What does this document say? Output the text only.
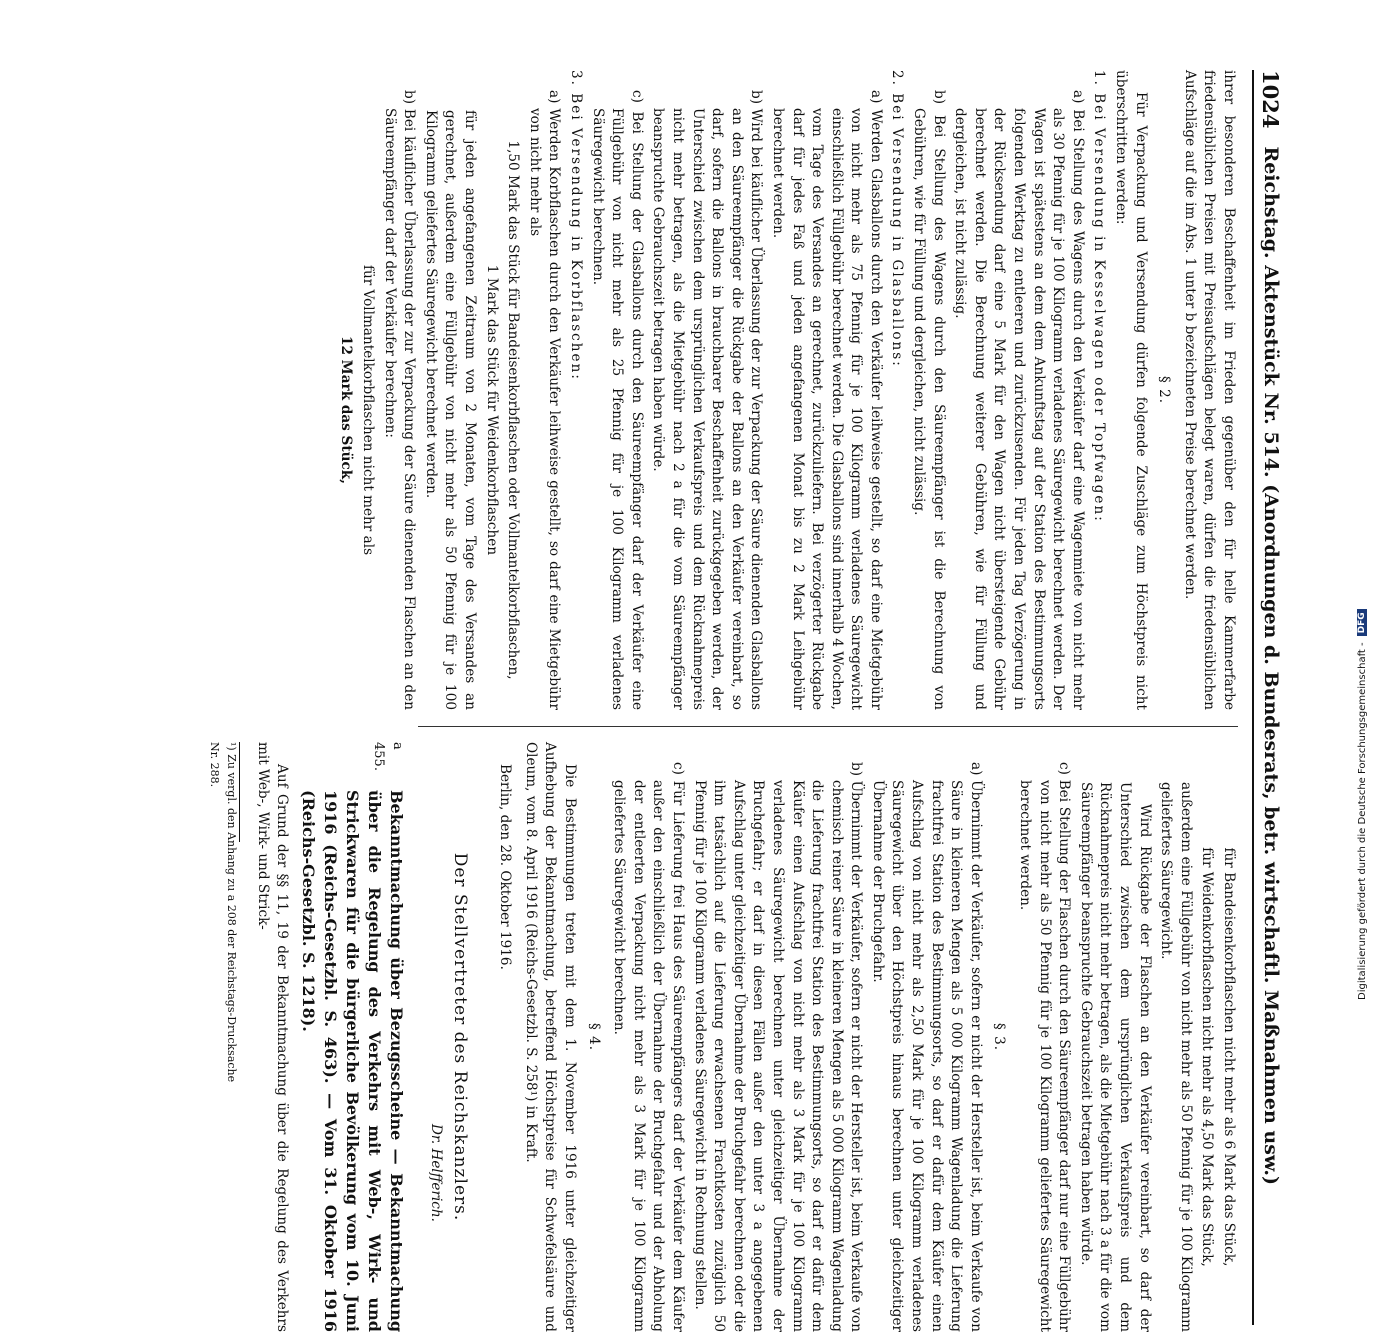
1024
Reichstag. Aktenstück Nr. 514. (Anordnungen d. Bundesrats, betr. wirtschaftl. Maßnahmen usw.)

ihrer besonderen Beschaffenheit im Frieden gegenüber den für helle Kammerfarbe friedensüblichen Preisen mit Preisaufschlägen belegt waren, dürfen die friedensüblichen Aufschläge auf die im Abs. 1 unter b bezeichneten Preise berechnet werden.

§ 2.

Für Verpackung und Versendung dürfen folgende Zuschläge zum Höchstpreis nicht überschritten werden:

1. Bei Versendung in Kesselwagen oder Topfwagen:

a) Bei Stellung des Wagens durch den Verkäufer darf eine Wagenmiete von nicht mehr als 30 Pfennig für je 100 Kilogramm verladenes Säuregewicht berechnet werden. Der Wagen ist spätestens an dem dem Ankunftstag auf der Station des Bestimmungsorts folgenden Werktag zu entleeren und zurückzusenden. Für jeden Tag Verzögerung in der Rücksendung darf eine 5 Mark für den Wagen nicht übersteigende Gebühr berechnet werden. Die Berechnung weiterer Gebühren, wie für Füllung und dergleichen, ist nicht zulässig.

b) Bei Stellung des Wagens durch den Säureempfänger ist die Berechnung von Gebühren, wie für Füllung und dergleichen, nicht zulässig.

2. Bei Versendung in Glasballons:

a) Werden Glasballons durch den Verkäufer leihweise gestellt, so darf eine Mietgebühr von nicht mehr als 75 Pfennig für je 100 Kilogramm verladenes Säuregewicht einschließlich Füllgebühr berechnet werden. Die Glasballons sind innerhalb 4 Wochen, vom Tage des Versandes an gerechnet, zurückzuliefern. Bei verzögerter Rückgabe darf für jedes Faß und jeden angefangenen Monat bis zu 2 Mark Leihgebühr berechnet werden.

b) Wird bei käuflicher Überlassung der zur Verpackung der Säure dienenden Glasballons an den Säureempfänger die Rückgabe der Ballons an den Verkäufer vereinbart, so darf, sofern die Ballons in brauchbarer Beschaffenheit zurückgegeben werden, der Unterschied zwischen dem ursprünglichen Verkaufspreis und dem Rücknahmepreis nicht mehr betragen, als die Mietgebühr nach 2 a für die vom Säureempfänger beanspruchte Gebrauchszeit betragen haben würde.

c) Bei Stellung der Glasballons durch den Säureempfänger darf der Verkäufer eine Füllgebühr von nicht mehr als 25 Pfennig für je 100 Kilogramm verladenes Säuregewicht berechnen.

3. Bei Versendung in Korbflaschen:

a) Werden Korbflaschen durch den Verkäufer leihweise gestellt, so darf eine Mietgebühr von nicht mehr als

1,50 Mark das Stück für Bandeisenkorbflaschen oder Vollmantelkorbflaschen,

1 Mark das Stück für Weidenkorbflaschen

für jeden angefangenen Zeitraum von 2 Monaten, vom Tage des Versandes an gerechnet, außerdem eine Füllgebühr von nicht mehr als 50 Pfennig für je 100 Kilogramm geliefertes Säuregewicht berechnet werden.

b) Bei käuflicher Überlassung der zur Verpackung der Säure dienenden Flaschen an den Säureempfänger darf der Verkäufer berechnen:

für Vollmantelkorbflaschen nicht mehr als

12 Mark das Stück,

für Bandeisenkorbflaschen nicht mehr als 6 Mark das Stück,

für Weidenkorbflaschen nicht mehr als 4,50 Mark das Stück,

außerdem eine Füllgebühr von nicht mehr als 50 Pfennig für je 100 Kilogramm geliefertes Säuregewicht.

Wird Rückgabe der Flaschen an den Verkäufer vereinbart, so darf der Unterschied zwischen dem ursprünglichen Verkaufspreis und dem Rücknahmepreis nicht mehr betragen, als die Mietgebühr nach 3 a für die vom Säureempfänger beanspruchte Gebrauchszeit betragen haben würde.

c) Bei Stellung der Flaschen durch den Säureempfänger darf nur eine Füllgebühr von nicht mehr als 50 Pfennig für je 100 Kilogramm geliefertes Säuregewicht berechnet werden.

§ 3.

a) Übernimmt der Verkäufer, sofern er nicht der Hersteller ist, beim Verkaufe von Säure in kleineren Mengen als 5 000 Kilogramm Wagenladung die Lieferung frachtfrei Station des Bestimmungsorts, so darf er dafür dem Käufer einen Aufschlag von nicht mehr als 2,50 Mark für je 100 Kilogramm verladenes Säuregewicht über den Höchstpreis hinaus berechnen unter gleichzeitiger Übernahme der Bruchgefahr.

b) Übernimmt der Verkäufer, sofern er nicht der Hersteller ist, beim Verkaufe von chemisch reiner Säure in kleineren Mengen als 5 000 Kilogramm Wagenladung die Lieferung frachtfrei Station des Bestimmungsorts, so darf er dafür dem Käufer einen Aufschlag von nicht mehr als 3 Mark für je 100 Kilogramm verladenes Säuregewicht berechnen unter gleichzeitiger Übernahme der Bruchgefahr; er darf in diesen Fällen außer den unter 3 a angegebenen Aufschlag unter gleichzeitiger Übernahme der Bruchgefahr berechnen oder die ihm tatsächlich auf die Lieferung erwachsenen Frachtkosten zuzüglich 50 Pfennig für je 100 Kilogramm verladenes Säuregewicht in Rechnung stellen.

c) Für Lieferung frei Haus des Säureempfängers darf der Verkäufer dem Käufer außer den einschließlich der Übernahme der Bruchgefahr und der Abholung der entleerten Verpackung nicht mehr als 3 Mark für je 100 Kilogramm geliefertes Säuregewicht berechnen.

§ 4.

Die Bestimmungen treten mit dem 1. November 1916 unter gleichzeitiger Aufhebung der Bekanntmachung, betreffend Höchstpreise für Schwefelsäure und Oleum, vom 8. April 1916 (Reichs-Gesetzbl. S. 258¹) in Kraft.

Berlin, den 28. Oktober 1916.

Der Stellvertreter des Reichskanzlers.

Dr. Helfferich.

a 455.
Bekanntmachung über Bezugsscheine — Bekanntmachung über die Regelung des Verkehrs mit Web-, Wirk- und Strickwaren für die bürgerliche Bevölkerung vom 10. Juni 1916 (Reichs-Gesetzbl. S. 463). — Vom 31. Oktober 1916 (Reichs-Gesetzbl. S. 1218).

Auf Grund der §§ 11, 19 der Bekanntmachung über die Regelung des Verkehrs mit Web-, Wirk- und Strick-

¹) Zu vergl. den Anhang zu a 208 der Reichstags-Drucksache

Nr. 288.	Digitalisierung gefördert durch die Deutsche Forschungsgemeinschaft -
DFG
